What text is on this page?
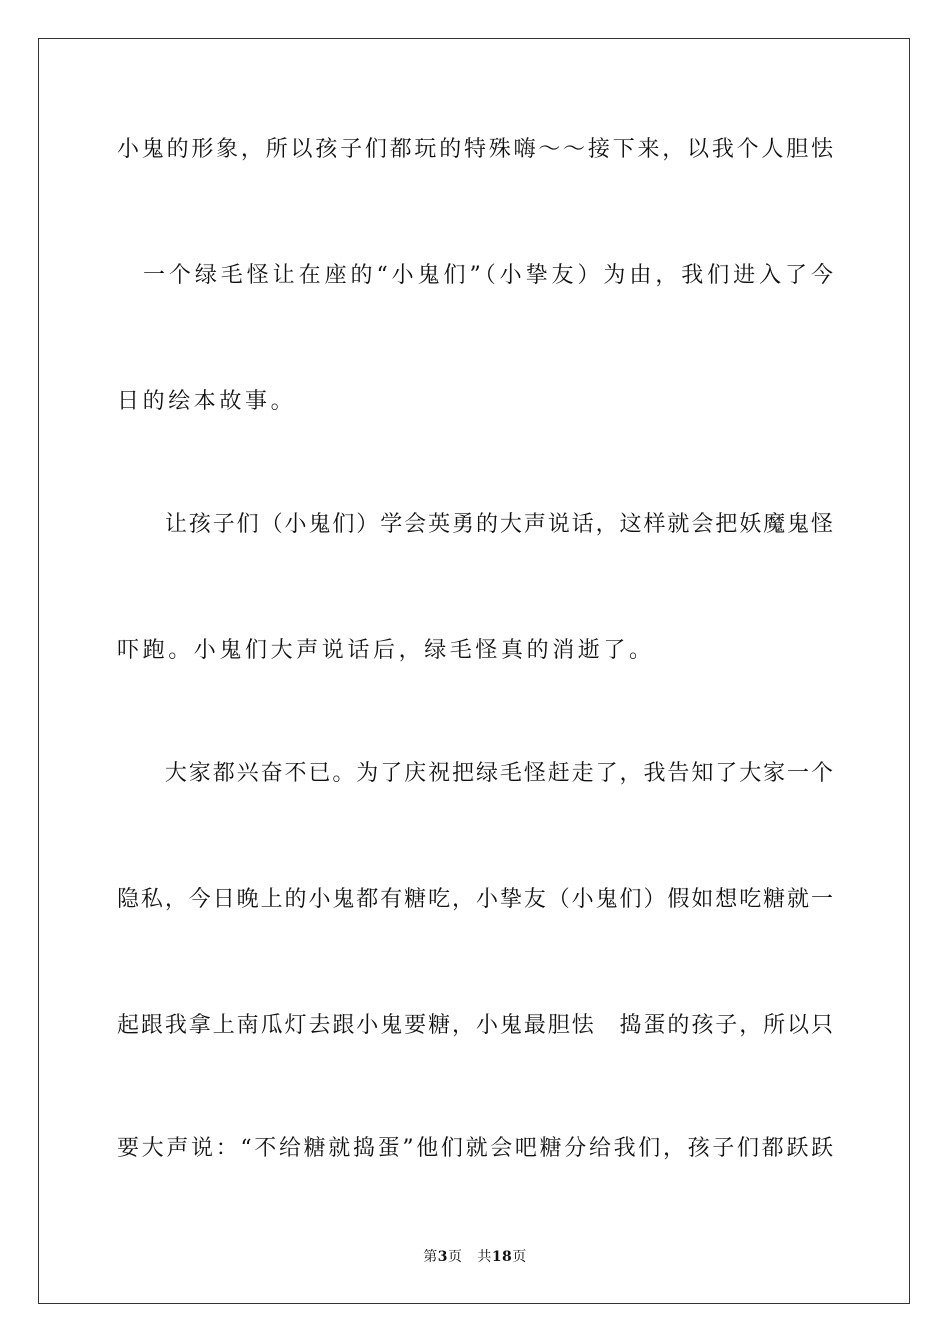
小鬼的形象，所以孩子们都玩的特殊嗨～～接下来，以我个人胆怯
　一个绿毛怪让在座的“小鬼们”（小挚友）为由，我们进入了今
日的绘本故事。
　　让孩子们（小鬼们）学会英勇的大声说话，这样就会把妖魔鬼怪
吓跑。小鬼们大声说话后，绿毛怪真的消逝了。
　　大家都兴奋不已。为了庆祝把绿毛怪赶走了，我告知了大家一个
隐私，今日晚上的小鬼都有糖吃，小挚友（小鬼们）假如想吃糖就一
起跟我拿上南瓜灯去跟小鬼要糖，小鬼最胆怯　捣蛋的孩子，所以只
要大声说：“不给糖就捣蛋”他们就会吧糖分给我们，孩子们都跃跃
第3页 共18页
